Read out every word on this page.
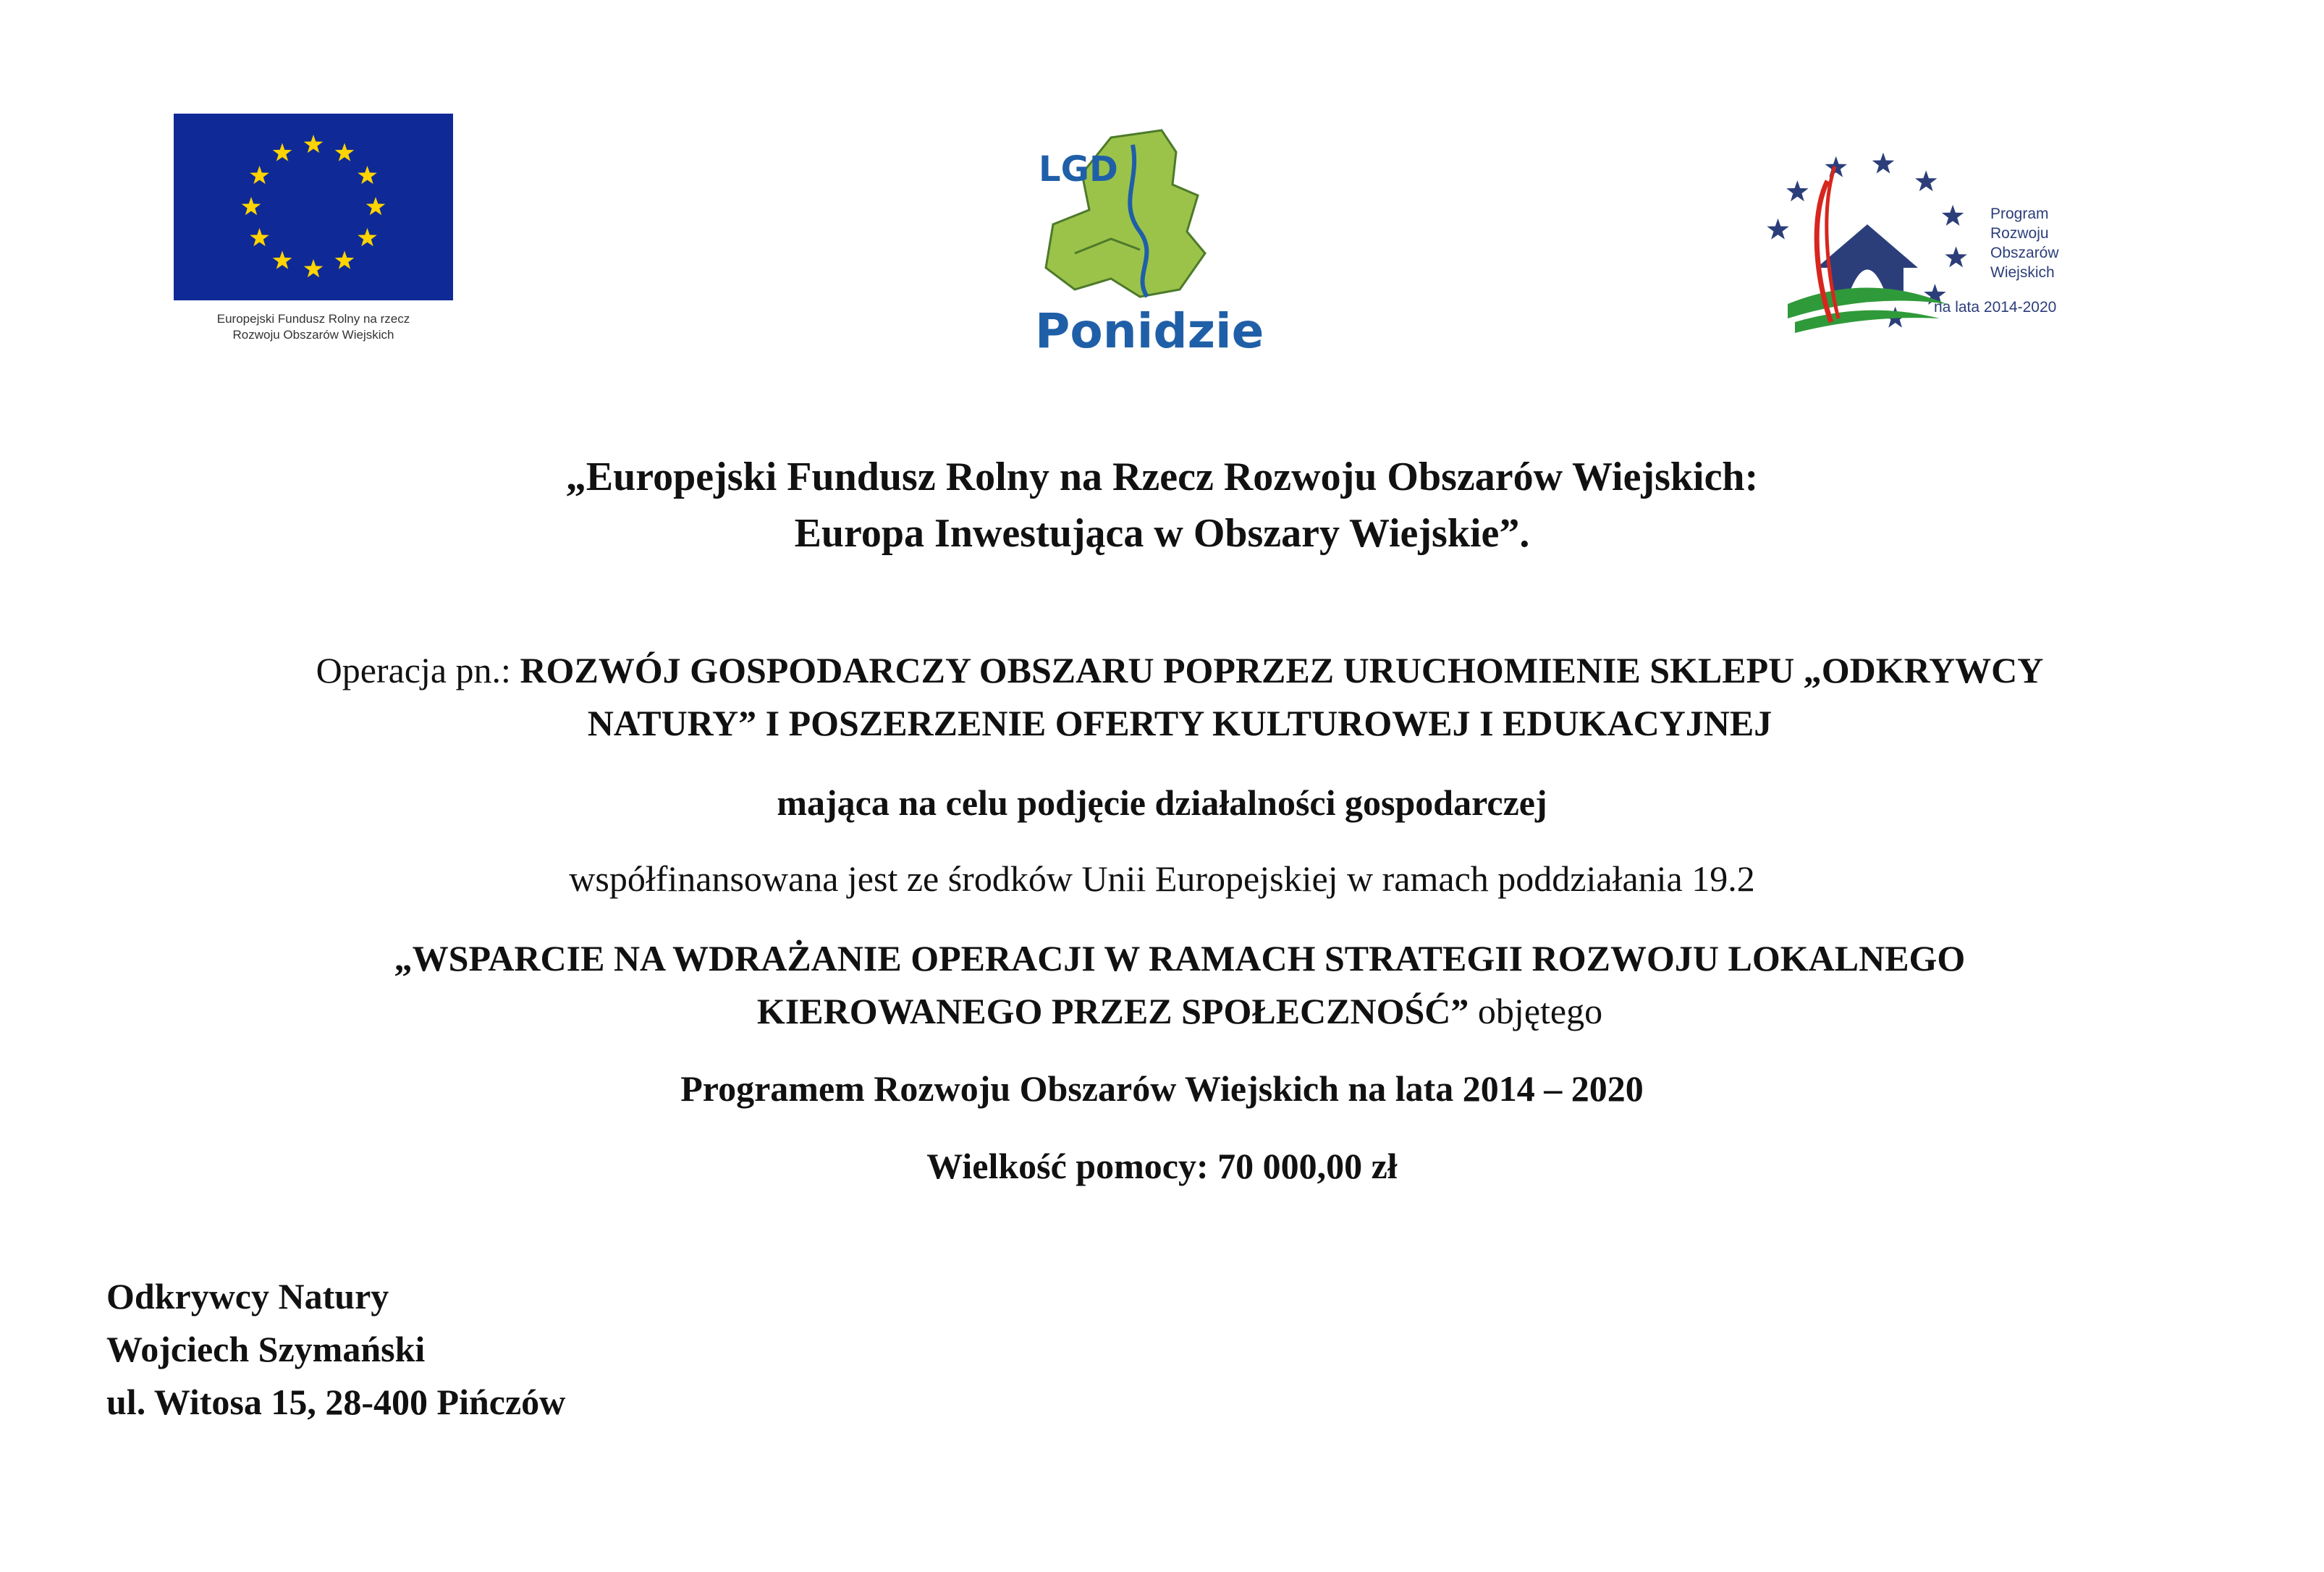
Europejski Fundusz Rolny na rzecz
Rozwoju Obszarów Wiejskich
LGD
Ponidzie
Program
Rozwoju
Obszarów
Wiejskich
na lata 2014-2020
„Europejski Fundusz Rolny na Rzecz Rozwoju Obszarów Wiejskich:
Europa Inwestująca w Obszary Wiejskie”.
Operacja pn.: ROZWÓJ GOSPODARCZY OBSZARU POPRZEZ URUCHOMIENIE SKLEPU „ODKRYWCY
NATURY” I POSZERZENIE OFERTY KULTUROWEJ I EDUKACYJNEJ
mająca na celu podjęcie działalności gospodarczej
współfinansowana jest ze środków Unii Europejskiej w ramach poddziałania 19.2
„WSPARCIE NA WDRAŻANIE OPERACJI W RAMACH STRATEGII ROZWOJU LOKALNEGO
KIEROWANEGO PRZEZ SPOŁECZNOŚĆ” objętego
Programem Rozwoju Obszarów Wiejskich na lata 2014 – 2020
Wielkość pomocy: 70 000,00 zł
Odkrywcy Natury
Wojciech Szymański
ul. Witosa 15, 28-400 Pińczów
